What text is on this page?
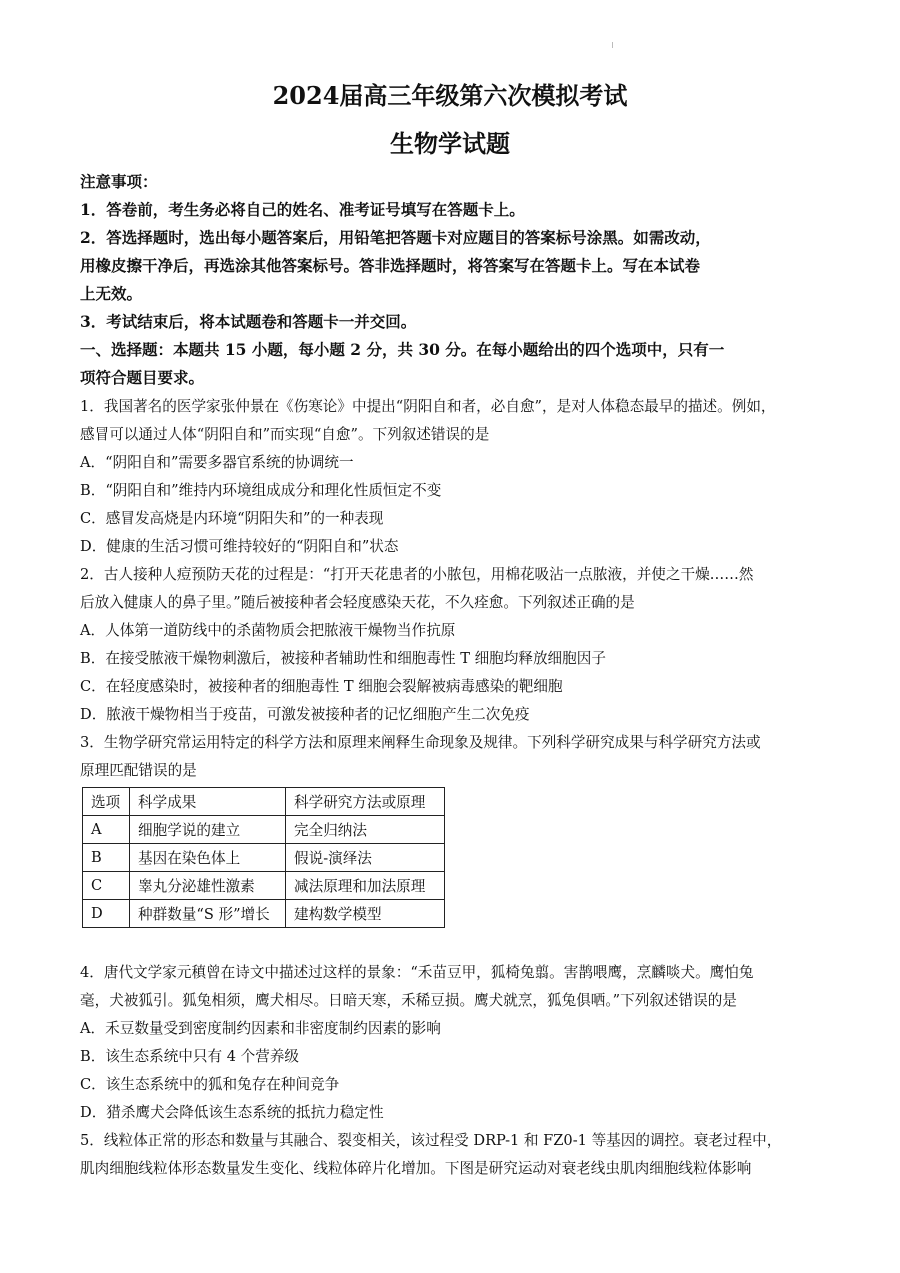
2024届高三年级第六次模拟考试
生物学试题
注意事项：
1．答卷前，考生务必将自己的姓名、准考证号填写在答题卡上。
2．答选择题时，选出每小题答案后，用铅笔把答题卡对应题目的答案标号涂黑。如需改动，
用橡皮擦干净后，再选涂其他答案标号。答非选择题时，将答案写在答题卡上。写在本试卷
上无效。
3．考试结束后，将本试题卷和答题卡一并交回。
一、选择题：本题共 15 小题，每小题 2 分，共 30 分。在每小题给出的四个选项中，只有一
项符合题目要求。
1．我国著名的医学家张仲景在《伤寒论》中提出“阴阳自和者，必自愈”，是对人体稳态最早的描述。例如，
感冒可以通过人体“阴阳自和”而实现“自愈”。下列叙述错误的是
A．“阴阳自和”需要多器官系统的协调统一
B．“阴阳自和”维持内环境组成成分和理化性质恒定不变
C．感冒发高烧是内环境“阴阳失和”的一种表现
D．健康的生活习惯可维持较好的“阴阳自和”状态
2．古人接种人痘预防天花的过程是：“打开天花患者的小脓包，用棉花吸沾一点脓液，并使之干燥……然
后放入健康人的鼻子里。”随后被接种者会轻度感染天花，不久痊愈。下列叙述正确的是
A．人体第一道防线中的杀菌物质会把脓液干燥物当作抗原
B．在接受脓液干燥物刺激后，被接种者辅助性和细胞毒性 T 细胞均释放细胞因子
C．在轻度感染时，被接种者的细胞毒性 T 细胞会裂解被病毒感染的靶细胞
D．脓液干燥物相当于疫苗，可激发被接种者的记忆细胞产生二次免疫
3．生物学研究常运用特定的科学方法和原理来阐释生命现象及规律。下列科学研究成果与科学研究方法或
原理匹配错误的是
选项	科学成果	科学研究方法或原理
A	细胞学说的建立	完全归纳法
B	基因在染色体上	假说-演绎法
C	睾丸分泌雄性激素	减法原理和加法原理
D	种群数量“S 形”增长	建构数学模型
4．唐代文学家元稹曾在诗文中描述过这样的景象：“禾苗豆甲，狐椅兔翦。害鹊喂鹰，烹麟啖犬。鹰怕兔
毫，犬被狐引。狐兔相须，鹰犬相尽。日暗天寒，禾稀豆损。鹰犬就烹，狐兔俱哂。”下列叙述错误的是
A．禾豆数量受到密度制约因素和非密度制约因素的影响
B．该生态系统中只有 4 个营养级
C．该生态系统中的狐和兔存在种间竞争
D．猎杀鹰犬会降低该生态系统的抵抗力稳定性
5．线粒体正常的形态和数量与其融合、裂变相关，该过程受 DRP-1 和 FZ0-1 等基因的调控。衰老过程中，
肌肉细胞线粒体形态数量发生变化、线粒体碎片化增加。下图是研究运动对衰老线虫肌肉细胞线粒体影响
